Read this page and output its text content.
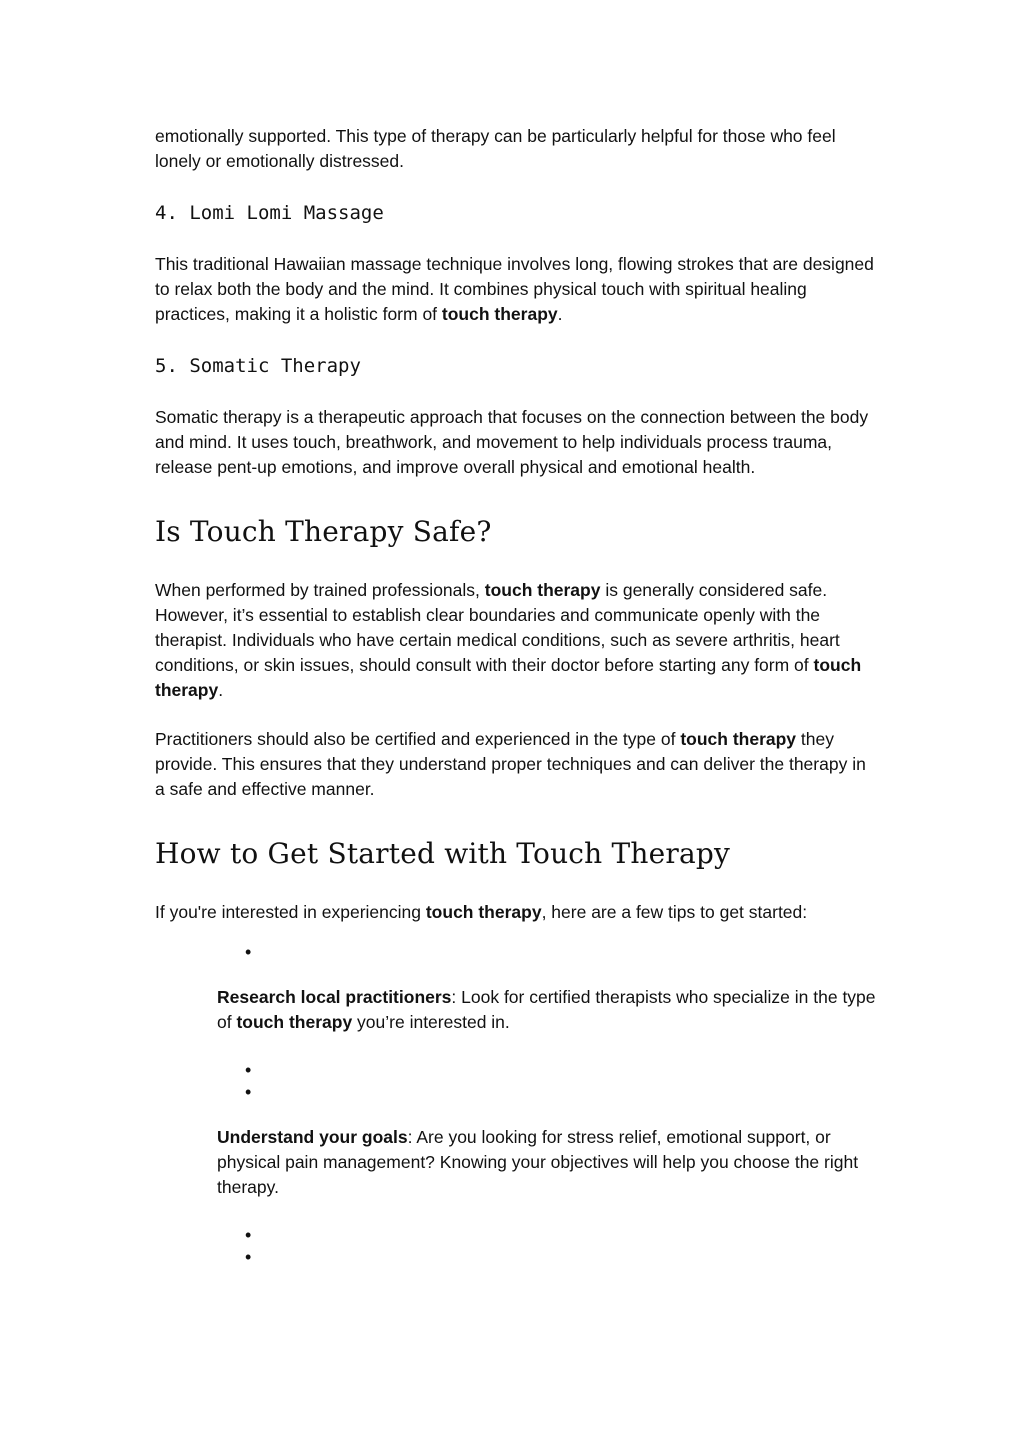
emotionally supported. This type of therapy can be particularly helpful for those who feel lonely or emotionally distressed.

4. Lomi Lomi Massage

This traditional Hawaiian massage technique involves long, flowing strokes that are designed to relax both the body and the mind. It combines physical touch with spiritual healing practices, making it a holistic form of touch therapy.

5. Somatic Therapy

Somatic therapy is a therapeutic approach that focuses on the connection between the body and mind. It uses touch, breathwork, and movement to help individuals process trauma, release pent-up emotions, and improve overall physical and emotional health.

Is Touch Therapy Safe?

When performed by trained professionals, touch therapy is generally considered safe. However, it’s essential to establish clear boundaries and communicate openly with the therapist. Individuals who have certain medical conditions, such as severe arthritis, heart conditions, or skin issues, should consult with their doctor before starting any form of touch therapy.

Practitioners should also be certified and experienced in the type of touch therapy they provide. This ensures that they understand proper techniques and can deliver the therapy in a safe and effective manner.

How to Get Started with Touch Therapy

If you're interested in experiencing touch therapy, here are a few tips to get started:

•

Research local practitioners: Look for certified therapists who specialize in the type of touch therapy you’re interested in.

•
•

Understand your goals: Are you looking for stress relief, emotional support, or physical pain management? Knowing your objectives will help you choose the right therapy.

•
•
